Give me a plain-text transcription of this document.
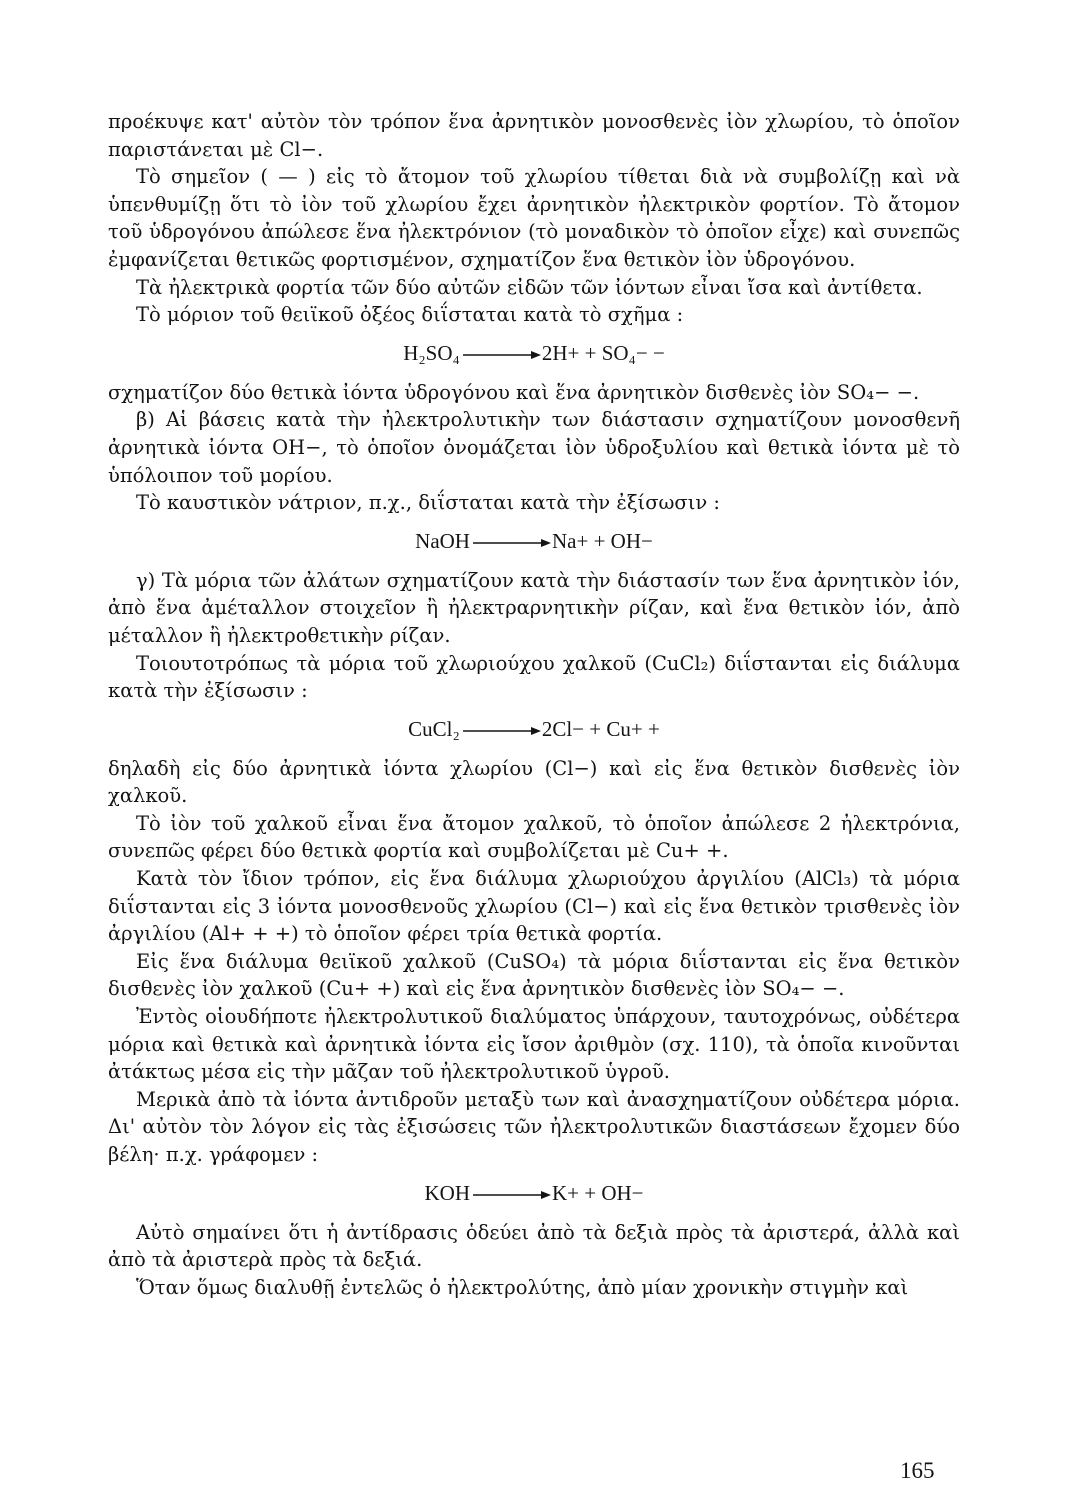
προέκυψε κατ' αὐτὸν τὸν τρόπον ἕνα ἀρνητικὸν μονοσθενὲς ἰὸν χλωρίου, τὸ ὁποῖον παριστάνεται μὲ Cl−.

Τὸ σημεῖον ( — ) εἰς τὸ ἄτομον τοῦ χλωρίου τίθεται διὰ νὰ συμβολίζῃ καὶ νὰ ὑπενθυμίζῃ ὅτι τὸ ἰὸν τοῦ χλωρίου ἔχει ἀρνητικὸν ἠλεκτρικὸν φορτίον. Τὸ ἄτομον τοῦ ὑδρογόνου ἀπώλεσε ἕνα ἠλεκτρόνιον (τὸ μοναδικὸν τὸ ὁποῖον εἶχε) καὶ συνεπῶς ἐμφανίζεται θετικῶς φορτισμένον, σχηματίζον ἕνα θετικὸν ἰὸν ὑδρογόνου.

Τὰ ἠλεκτρικὰ φορτία τῶν δύο αὐτῶν εἰδῶν τῶν ἰόντων εἶναι ἴσα καὶ ἀντίθετα.

Τὸ μόριον τοῦ θειϊκοῦ ὀξέος διΐσταται κατὰ τὸ σχῆμα :

H₂SO₄	2H+ + SO₄− −

σχηματίζον δύο θετικὰ ἰόντα ὑδρογόνου καὶ ἕνα ἀρνητικὸν δισθενὲς ἰὸν SO₄− −.

β) Αἱ βάσεις κατὰ τὴν ἠλεκτρολυτικὴν των διάστασιν σχηματίζουν μονοσθενῆ ἀρνητικὰ ἰόντα OH−, τὸ ὁποῖον ὀνομάζεται ἰὸν ὑδροξυλίου καὶ θετικὰ ἰόντα μὲ τὸ ὑπόλοιπον τοῦ μορίου.

Τὸ καυστικὸν νάτριον, π.χ., διΐσταται κατὰ τὴν ἐξίσωσιν :

NaOH	Na+ + OH−

γ) Τὰ μόρια τῶν ἀλάτων σχηματίζουν κατὰ τὴν διάστασίν των ἕνα ἀρνητικὸν ἰόν, ἀπὸ ἕνα ἀμέταλλον στοιχεῖον ἢ ἠλεκτραρνητικὴν ρίζαν, καὶ ἕνα θετικὸν ἰόν, ἀπὸ μέταλλον ἢ ἠλεκτροθετικὴν ρίζαν.

Τοιουτοτρόπως τὰ μόρια τοῦ χλωριούχου χαλκοῦ (CuCl₂) διΐστανται εἰς διάλυμα κατὰ τὴν ἐξίσωσιν :

CuCl₂	2Cl− + Cu+ +

δηλαδὴ εἰς δύο ἀρνητικὰ ἰόντα χλωρίου (Cl−) καὶ εἰς ἕνα θετικὸν δισθενὲς ἰὸν χαλκοῦ.

Τὸ ἰὸν τοῦ χαλκοῦ εἶναι ἕνα ἄτομον χαλκοῦ, τὸ ὁποῖον ἀπώλεσε 2 ἠλεκτρόνια, συνεπῶς φέρει δύο θετικὰ φορτία καὶ συμβολίζεται μὲ Cu+ +.

Κατὰ τὸν ἴδιον τρόπον, εἰς ἕνα διάλυμα χλωριούχου ἀργιλίου (AlCl₃) τὰ μόρια διΐστανται εἰς 3 ἰόντα μονοσθενοῦς χλωρίου (Cl−) καὶ εἰς ἕνα θετικὸν τρισθενὲς ἰὸν ἀργιλίου (Al+ + +) τὸ ὁποῖον φέρει τρία θετικὰ φορτία.

Εἰς ἕνα διάλυμα θειϊκοῦ χαλκοῦ (CuSO₄) τὰ μόρια διΐστανται εἰς ἕνα θετικὸν δισθενὲς ἰὸν χαλκοῦ (Cu+ +) καὶ εἰς ἕνα ἀρνητικὸν δισθενὲς ἰὸν SO₄− −.

Ἐντὸς οἱουδήποτε ἠλεκτρολυτικοῦ διαλύματος ὑπάρχουν, ταυτοχρόνως, οὐδέτερα μόρια καὶ θετικὰ καὶ ἀρνητικὰ ἰόντα εἰς ἴσον ἀριθμὸν (σχ. 110), τὰ ὁποῖα κινοῦνται ἀτάκτως μέσα εἰς τὴν μᾶζαν τοῦ ἠλεκτρολυτικοῦ ὑγροῦ.

Μερικὰ ἀπὸ τὰ ἰόντα ἀντιδροῦν μεταξὺ των καὶ ἀνασχηματίζουν οὐδέτερα μόρια. Δι' αὐτὸν τὸν λόγον εἰς τὰς ἐξισώσεις τῶν ἠλεκτρολυτικῶν διαστάσεων ἔχομεν δύο βέλη· π.χ. γράφομεν :

KOH	K+ + OH−

Αὐτὸ σημαίνει ὅτι ἡ ἀντίδρασις ὁδεύει ἀπὸ τὰ δεξιὰ πρὸς τὰ ἀριστερά, ἀλλὰ καὶ ἀπὸ τὰ ἀριστερὰ πρὸς τὰ δεξιά.

Ὅταν ὅμως διαλυθῇ ἐντελῶς ὁ ἠλεκτρολύτης, ἀπὸ μίαν χρονικὴν στιγμὴν καὶ

165
